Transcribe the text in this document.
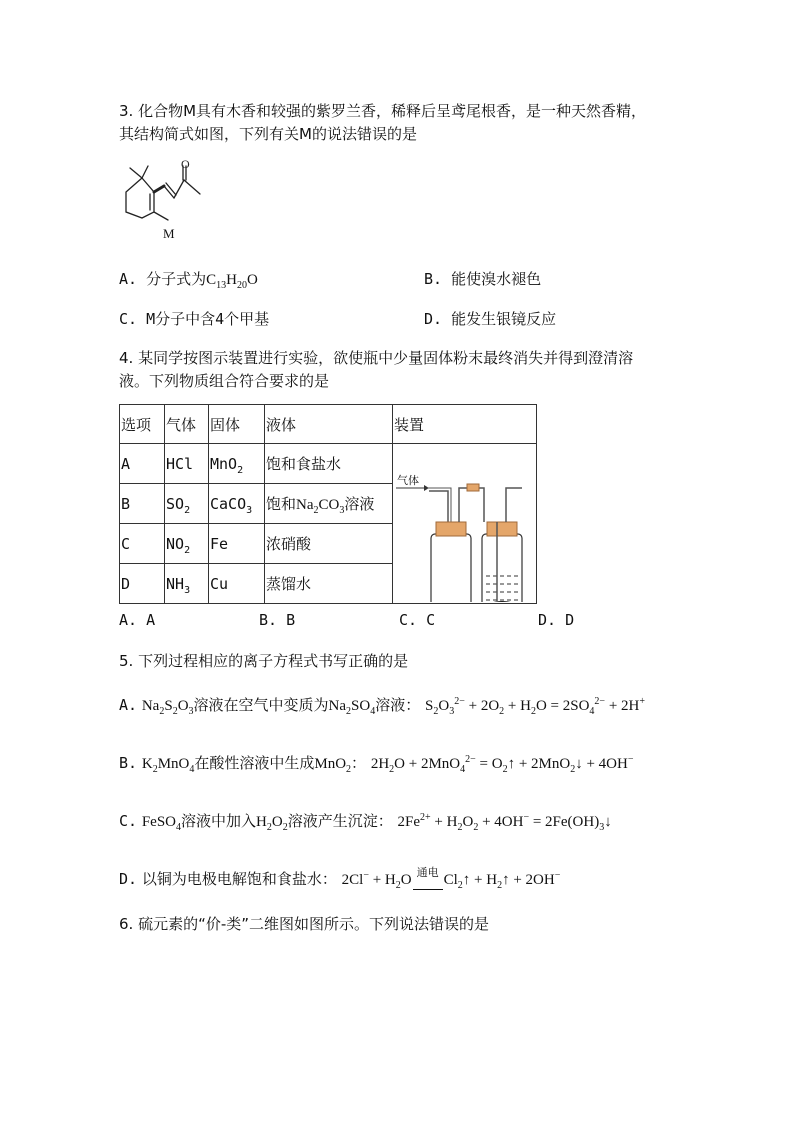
3. 化合物M具有木香和较强的紫罗兰香，稀释后呈鸢尾根香，是一种天然香精，
其结构简式如图，下列有关M的说法错误的是
O
M
A. 分子式为$C_{13}H_{20}O$	B. 能使溴水褪色
C. M分子中含4个甲基	D. 能发生银镜反应
4. 某同学按图示装置进行实验，欲使瓶中少量固体粉末最终消失并得到澄清溶
液。下列物质组合符合要求的是
选项	气体	固体	液体	装置
A	HCl	MnO$_2$	饱和食盐水	气体

B	$SO_2$	CaCO$_3$	饱和$Na_2CO_3$溶液	
C	$NO_2$	Fe	浓硝酸	
D	$NH_3$	Cu	蒸馏水	
A. A	B. B	C. C	D. D
5. 下列过程相应的离子方程式书写正确的是
A. $Na_2S_2O_3$溶液在空气中变质为$Na_2SO_4$溶液： $S_2O_3^{2-} + 2O_2 + H_2O = 2SO_4^{2-} + 2H^+$
B. $K_2MnO_4$在酸性溶液中生成MnO$_2$： $2H_2O + 2MnO_4^{2-}$ = $O_2↑$ + 2MnO$_2$↓ + 4OH−
C. FeSO$_4$溶液中加入$H_2O_2$溶液产生沉淀： $2Fe^{2+} + H_2O_2 + 4OH^-$ = $2Fe(OH)_3↓$
D. 以铜为电极电解饱和食盐水： $2Cl^- + H_2O$ $^{通电}$ $Cl_2↑$ + $H_2↑ + 2OH^-$
6. 硫元素的“价-类”二维图如图所示。下列说法错误的是
